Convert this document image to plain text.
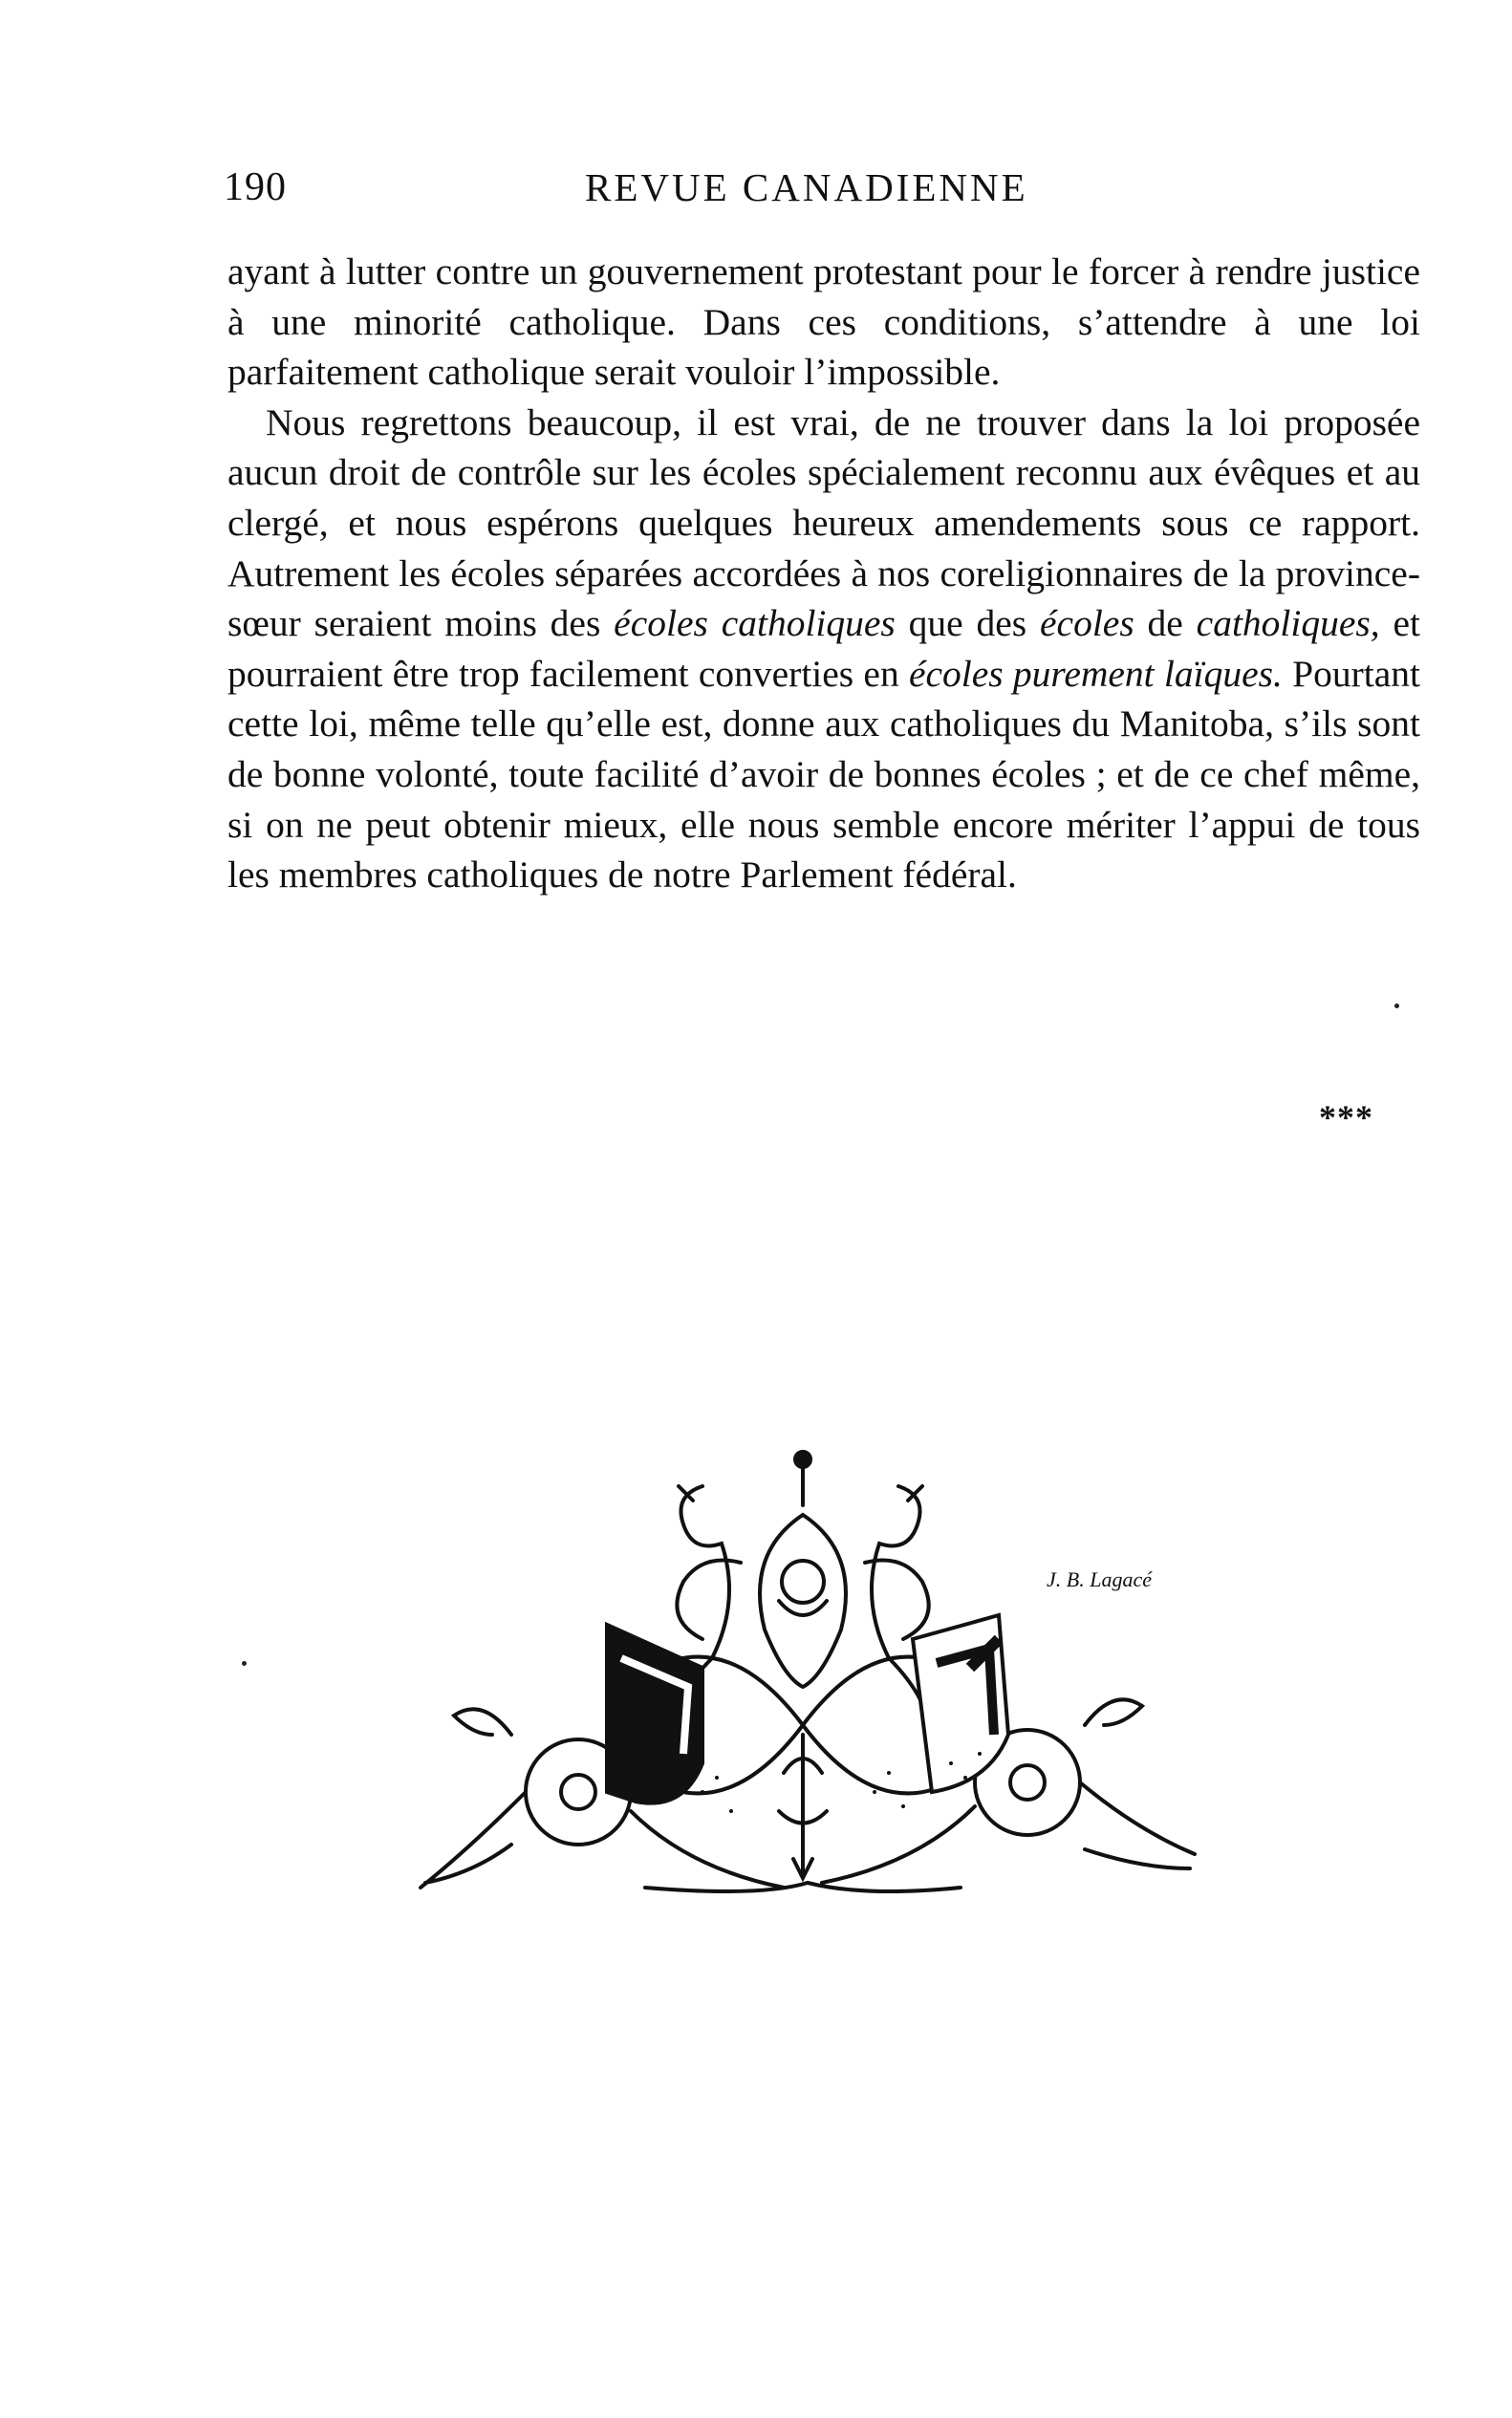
190	REVUE CANADIENNE

ayant à lutter contre un gouvernement protestant pour le forcer à rendre justice à une minorité catholique. Dans ces conditions, s’attendre à une loi parfaitement catholique serait vouloir l’impossible.

Nous regrettons beaucoup, il est vrai, de ne trouver dans la loi proposée aucun droit de contrôle sur les écoles spécialement reconnu aux évêques et au clergé, et nous espérons quelques heureux amendements sous ce rapport. Autrement les écoles séparées accordées à nos coreligionnaires de la province-sœur seraient moins des écoles catholiques que des écoles de catholiques, et pourraient être trop facilement converties en écoles purement laïques. Pourtant cette loi, même telle qu’elle est, donne aux catholiques du Manitoba, s’ils sont de bonne volonté, toute facilité d’avoir de bonnes écoles ; et de ce chef même, si on ne peut obtenir mieux, elle nous semble encore mériter l’appui de tous les membres catholiques de notre Parlement fédéral.

***
J. B. Lagacé
